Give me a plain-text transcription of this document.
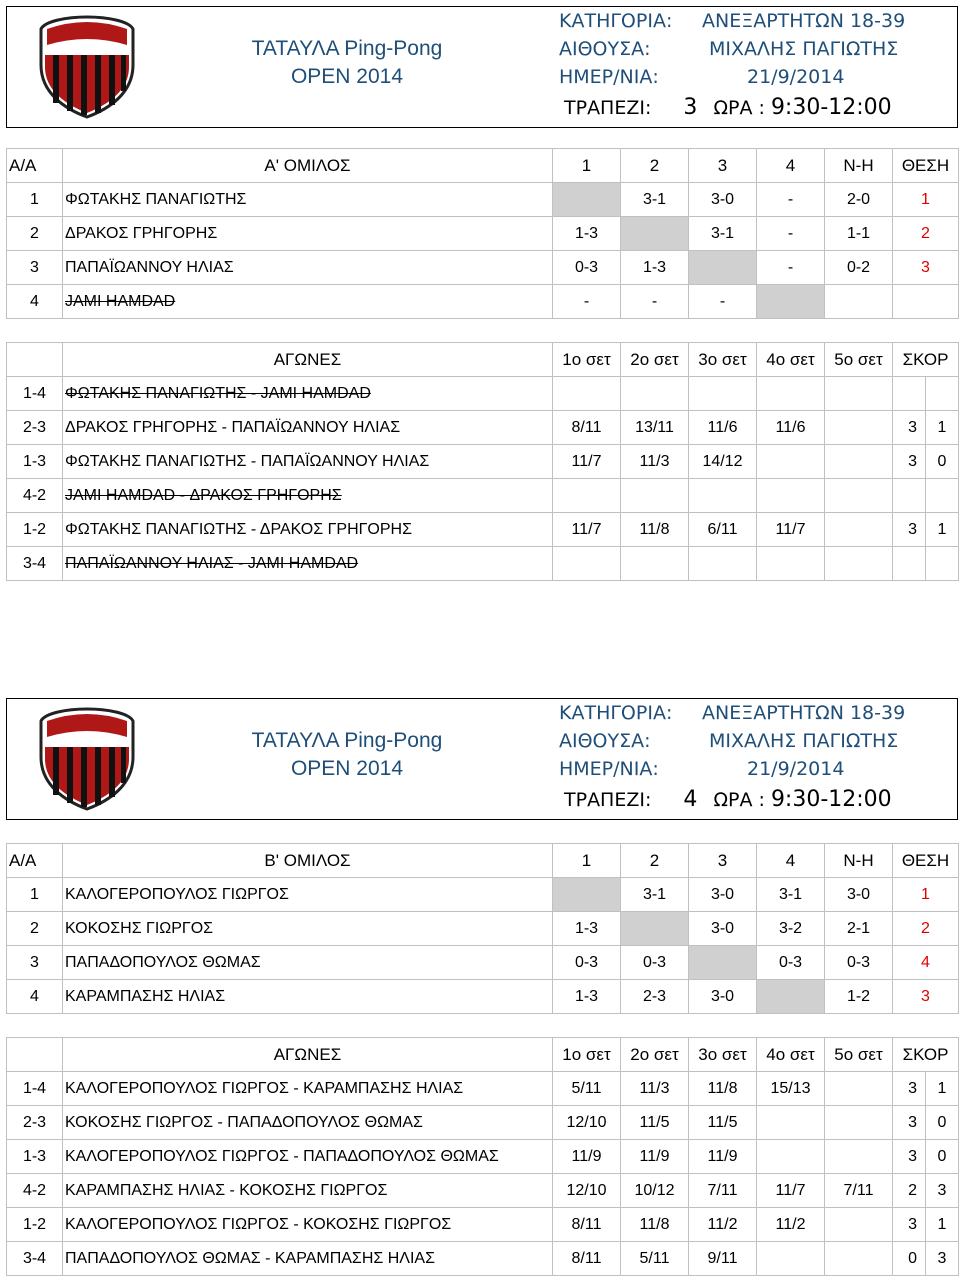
ΤΑΤΑΥΛΑ Ping-Pong
OPEN 2014
ΚΑΤΗΓΟΡΙΑ: ΑΝΕΞΑΡΤΗΤΩΝ 18-39
ΑΙΘΟΥΣΑ:	ΜΙΧΑΛΗΣ ΠΑΓΙΩΤΗΣ
ΗΜΕΡ/ΝΙΑ:	21/9/2014
ΤΡΑΠΕΖΙ: 3 ΩΡΑ : 9:30-12:00
Α/Α	Α' ΟΜΙΛΟΣ	1	2	3	4	Ν-Η	ΘΕΣΗ
1	ΦΩΤΑΚΗΣ ΠΑΝΑΓΙΩΤΗΣ		3-1	3-0	-	2-0	1
2	ΔΡΑΚΟΣ ΓΡΗΓΟΡΗΣ	1-3		3-1	-	1-1	2
3	ΠΑΠΑΪΩΑΝΝΟΥ ΗΛΙΑΣ	0-3	1-3		-	0-2	3
4	JAMI HAMDAD	-	-	-			
	ΑΓΩΝΕΣ	1ο σετ	2ο σετ	3ο σετ	4ο σετ	5ο σετ	ΣΚΟΡ	
1-4	ΦΩΤΑΚΗΣ ΠΑΝΑΓΙΩΤΗΣ - JAMI HAMDAD							
2-3	ΔΡΑΚΟΣ ΓΡΗΓΟΡΗΣ - ΠΑΠΑΪΩΑΝΝΟΥ ΗΛΙΑΣ	8/11	13/11	11/6	11/6		3	1
1-3	ΦΩΤΑΚΗΣ ΠΑΝΑΓΙΩΤΗΣ - ΠΑΠΑΪΩΑΝΝΟΥ ΗΛΙΑΣ	11/7	11/3	14/12			3	0
4-2	JAMI HAMDAD - ΔΡΑΚΟΣ ΓΡΗΓΟΡΗΣ							
1-2	ΦΩΤΑΚΗΣ ΠΑΝΑΓΙΩΤΗΣ - ΔΡΑΚΟΣ ΓΡΗΓΟΡΗΣ	11/7	11/8	6/11	11/7		3	1
3-4	ΠΑΠΑΪΩΑΝΝΟΥ ΗΛΙΑΣ - JAMI HAMDAD							
ΤΑΤΑΥΛΑ Ping-Pong
OPEN 2014
ΚΑΤΗΓΟΡΙΑ: ΑΝΕΞΑΡΤΗΤΩΝ 18-39
ΑΙΘΟΥΣΑ:	ΜΙΧΑΛΗΣ ΠΑΓΙΩΤΗΣ
ΗΜΕΡ/ΝΙΑ:	21/9/2014
ΤΡΑΠΕΖΙ: 4 ΩΡΑ : 9:30-12:00
Α/Α	Β' ΟΜΙΛΟΣ	1	2	3	4	Ν-Η	ΘΕΣΗ
1	ΚΑΛΟΓΕΡΟΠΟΥΛΟΣ ΓΙΩΡΓΟΣ		3-1	3-0	3-1	3-0	1
2	ΚΟΚΟΣΗΣ ΓΙΩΡΓΟΣ	1-3		3-0	3-2	2-1	2
3	ΠΑΠΑΔΟΠΟΥΛΟΣ ΘΩΜΑΣ	0-3	0-3		0-3	0-3	4
4	ΚΑΡΑΜΠΑΣΗΣ ΗΛΙΑΣ	1-3	2-3	3-0		1-2	3
	ΑΓΩΝΕΣ	1ο σετ	2ο σετ	3ο σετ	4ο σετ	5ο σετ	ΣΚΟΡ	
1-4	ΚΑΛΟΓΕΡΟΠΟΥΛΟΣ ΓΙΩΡΓΟΣ - ΚΑΡΑΜΠΑΣΗΣ ΗΛΙΑΣ	5/11	11/3	11/8	15/13		3	1
2-3	ΚΟΚΟΣΗΣ ΓΙΩΡΓΟΣ - ΠΑΠΑΔΟΠΟΥΛΟΣ ΘΩΜΑΣ	12/10	11/5	11/5			3	0
1-3	ΚΑΛΟΓΕΡΟΠΟΥΛΟΣ ΓΙΩΡΓΟΣ - ΠΑΠΑΔΟΠΟΥΛΟΣ ΘΩΜΑΣ	11/9	11/9	11/9			3	0
4-2	ΚΑΡΑΜΠΑΣΗΣ ΗΛΙΑΣ - ΚΟΚΟΣΗΣ ΓΙΩΡΓΟΣ	12/10	10/12	7/11	11/7	7/11	2	3
1-2	ΚΑΛΟΓΕΡΟΠΟΥΛΟΣ ΓΙΩΡΓΟΣ - ΚΟΚΟΣΗΣ ΓΙΩΡΓΟΣ	8/11	11/8	11/2	11/2		3	1
3-4	ΠΑΠΑΔΟΠΟΥΛΟΣ ΘΩΜΑΣ - ΚΑΡΑΜΠΑΣΗΣ ΗΛΙΑΣ	8/11	5/11	9/11			0	3
